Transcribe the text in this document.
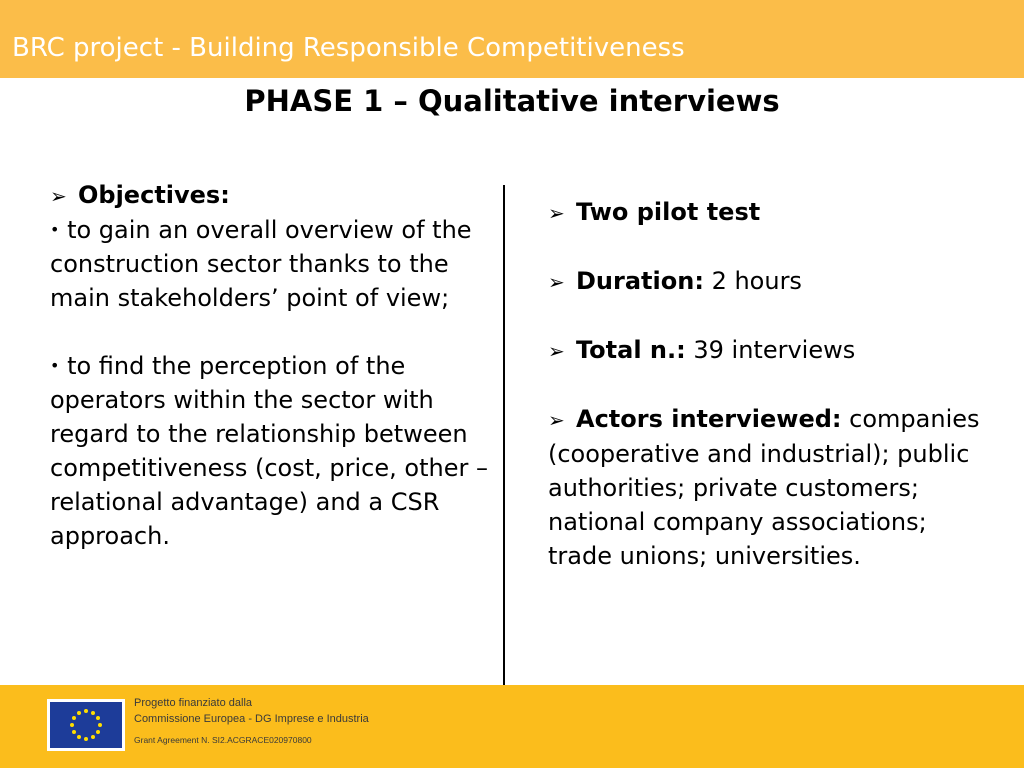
BRC project - Building Responsible Competitiveness
PHASE 1 – Qualitative interviews
➢ Objectives:
• to gain an overall overview of the construction sector thanks to the main stakeholders’ point of view;
• to find the perception of the operators within the sector with regard to the relationship between competitiveness (cost, price, other – relational advantage) and a CSR approach.
➢ Two pilot test
➢ Duration: 2 hours
➢ Total n.: 39 interviews
➢ Actors interviewed: companies (cooperative and industrial); public authorities; private customers; national company associations; trade unions; universities.
Progetto finanziato dalla
Commissione Europea - DG Imprese e Industria
Grant Agreement N. SI2.ACGRACE020970800
